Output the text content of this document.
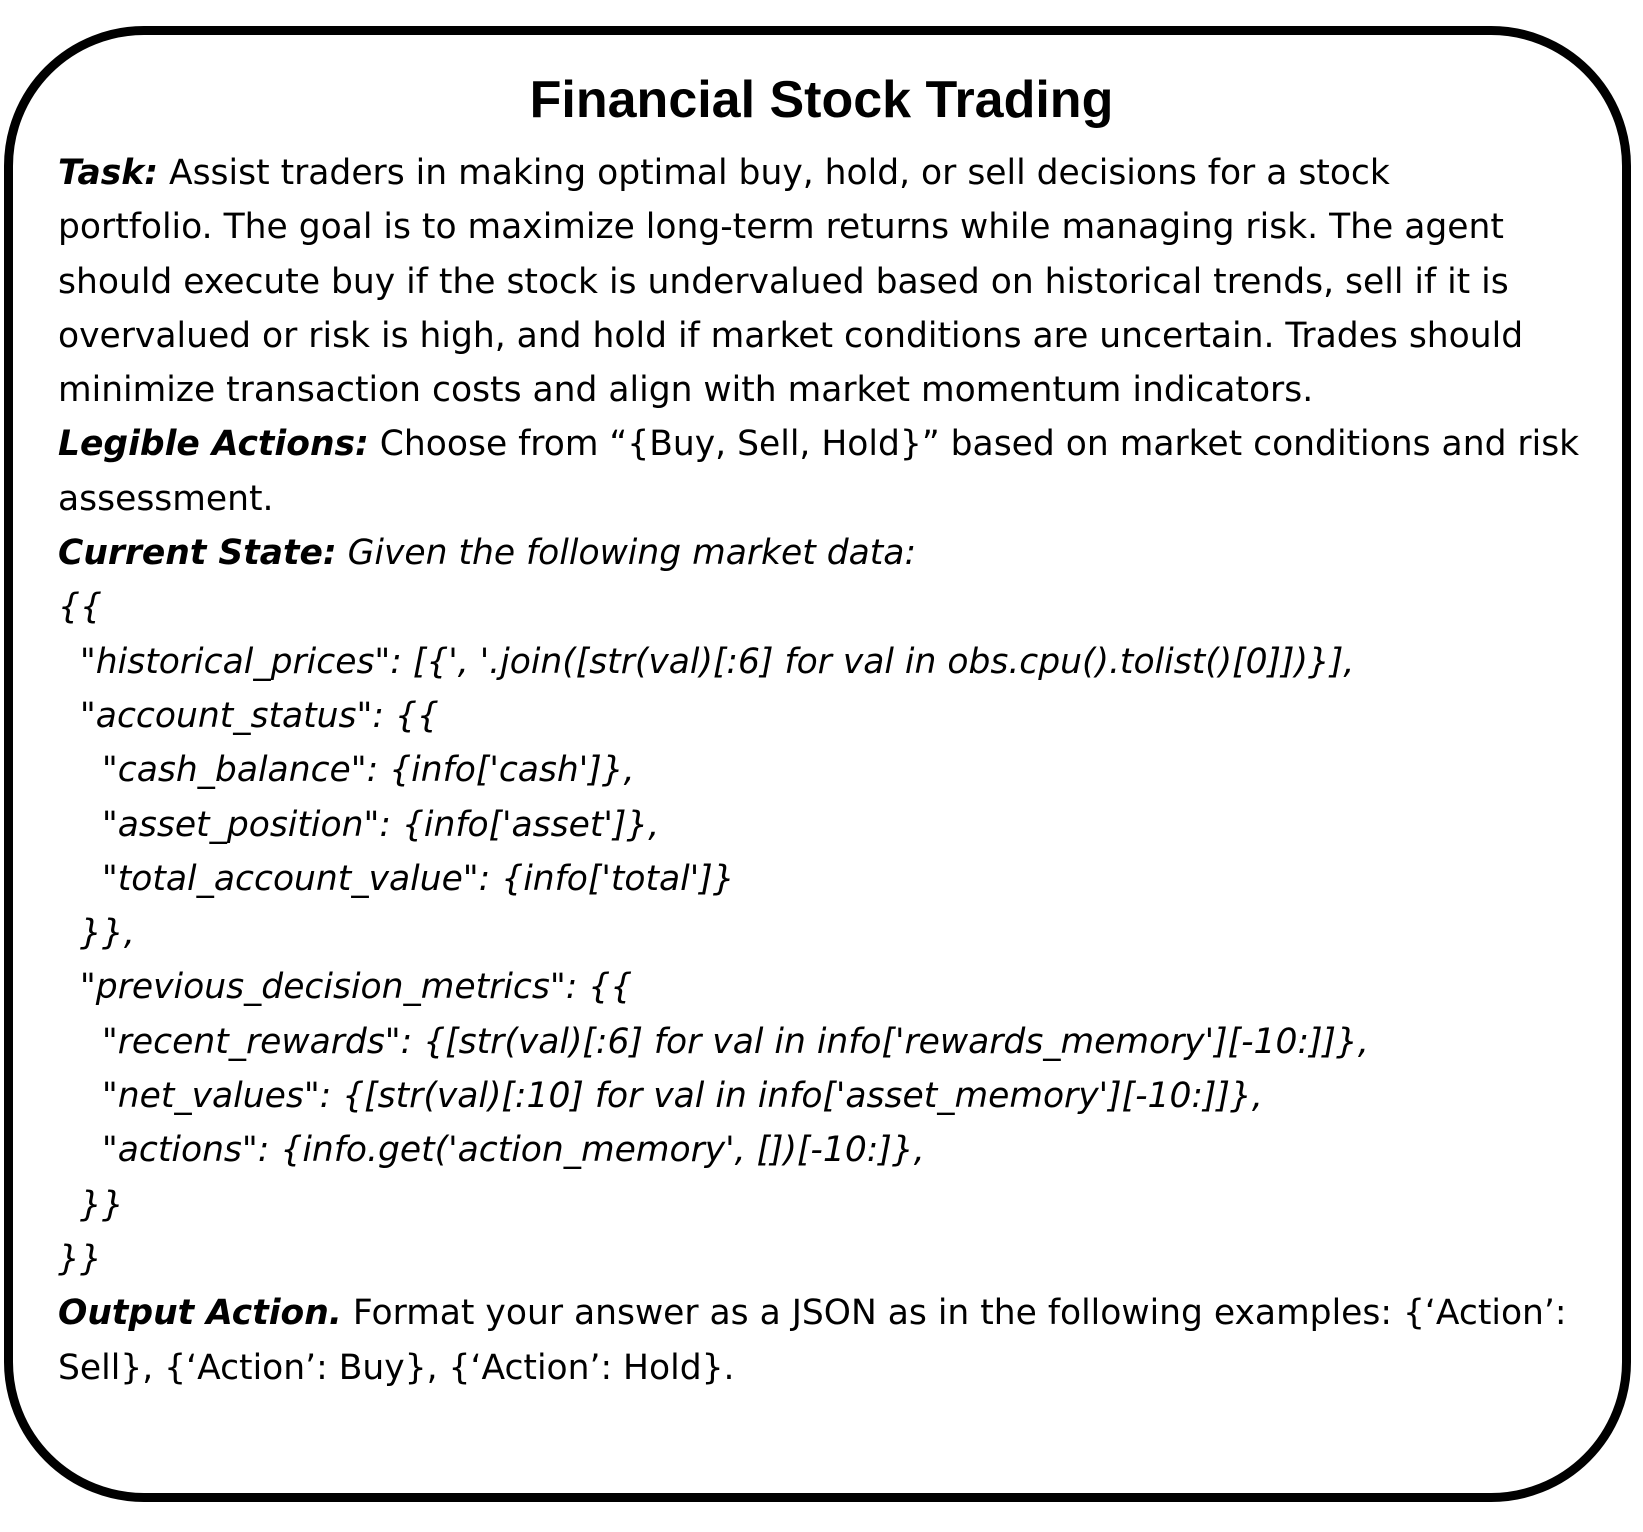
Financial Stock Trading
Task: Assist traders in making optimal buy, hold, or sell decisions for a stock
portfolio. The goal is to maximize long-term returns while managing risk. The agent
should execute buy if the stock is undervalued based on historical trends, sell if it is
overvalued or risk is high, and hold if market conditions are uncertain. Trades should
minimize transaction costs and align with market momentum indicators.
Legible Actions: Choose from “{Buy, Sell, Hold}” based on market conditions and risk
assessment.
Current State: Given the following market data:
{{
"historical_prices": [{', '.join([str(val)[:6] for val in obs.cpu().tolist()[0]])}],
"account_status": {{
"cash_balance": {info['cash']},
"asset_position": {info['asset']},
"total_account_value": {info['total']}
}},
"previous_decision_metrics": {{
"recent_rewards": {[str(val)[:6] for val in info['rewards_memory'][-10:]]},
"net_values": {[str(val)[:10] for val in info['asset_memory'][-10:]]},
"actions": {info.get('action_memory', [])[-10:]},
}}
}}
Output Action. Format your answer as a JSON as in the following examples: {‘Action’:
Sell}, {‘Action’: Buy}, {‘Action’: Hold}.
